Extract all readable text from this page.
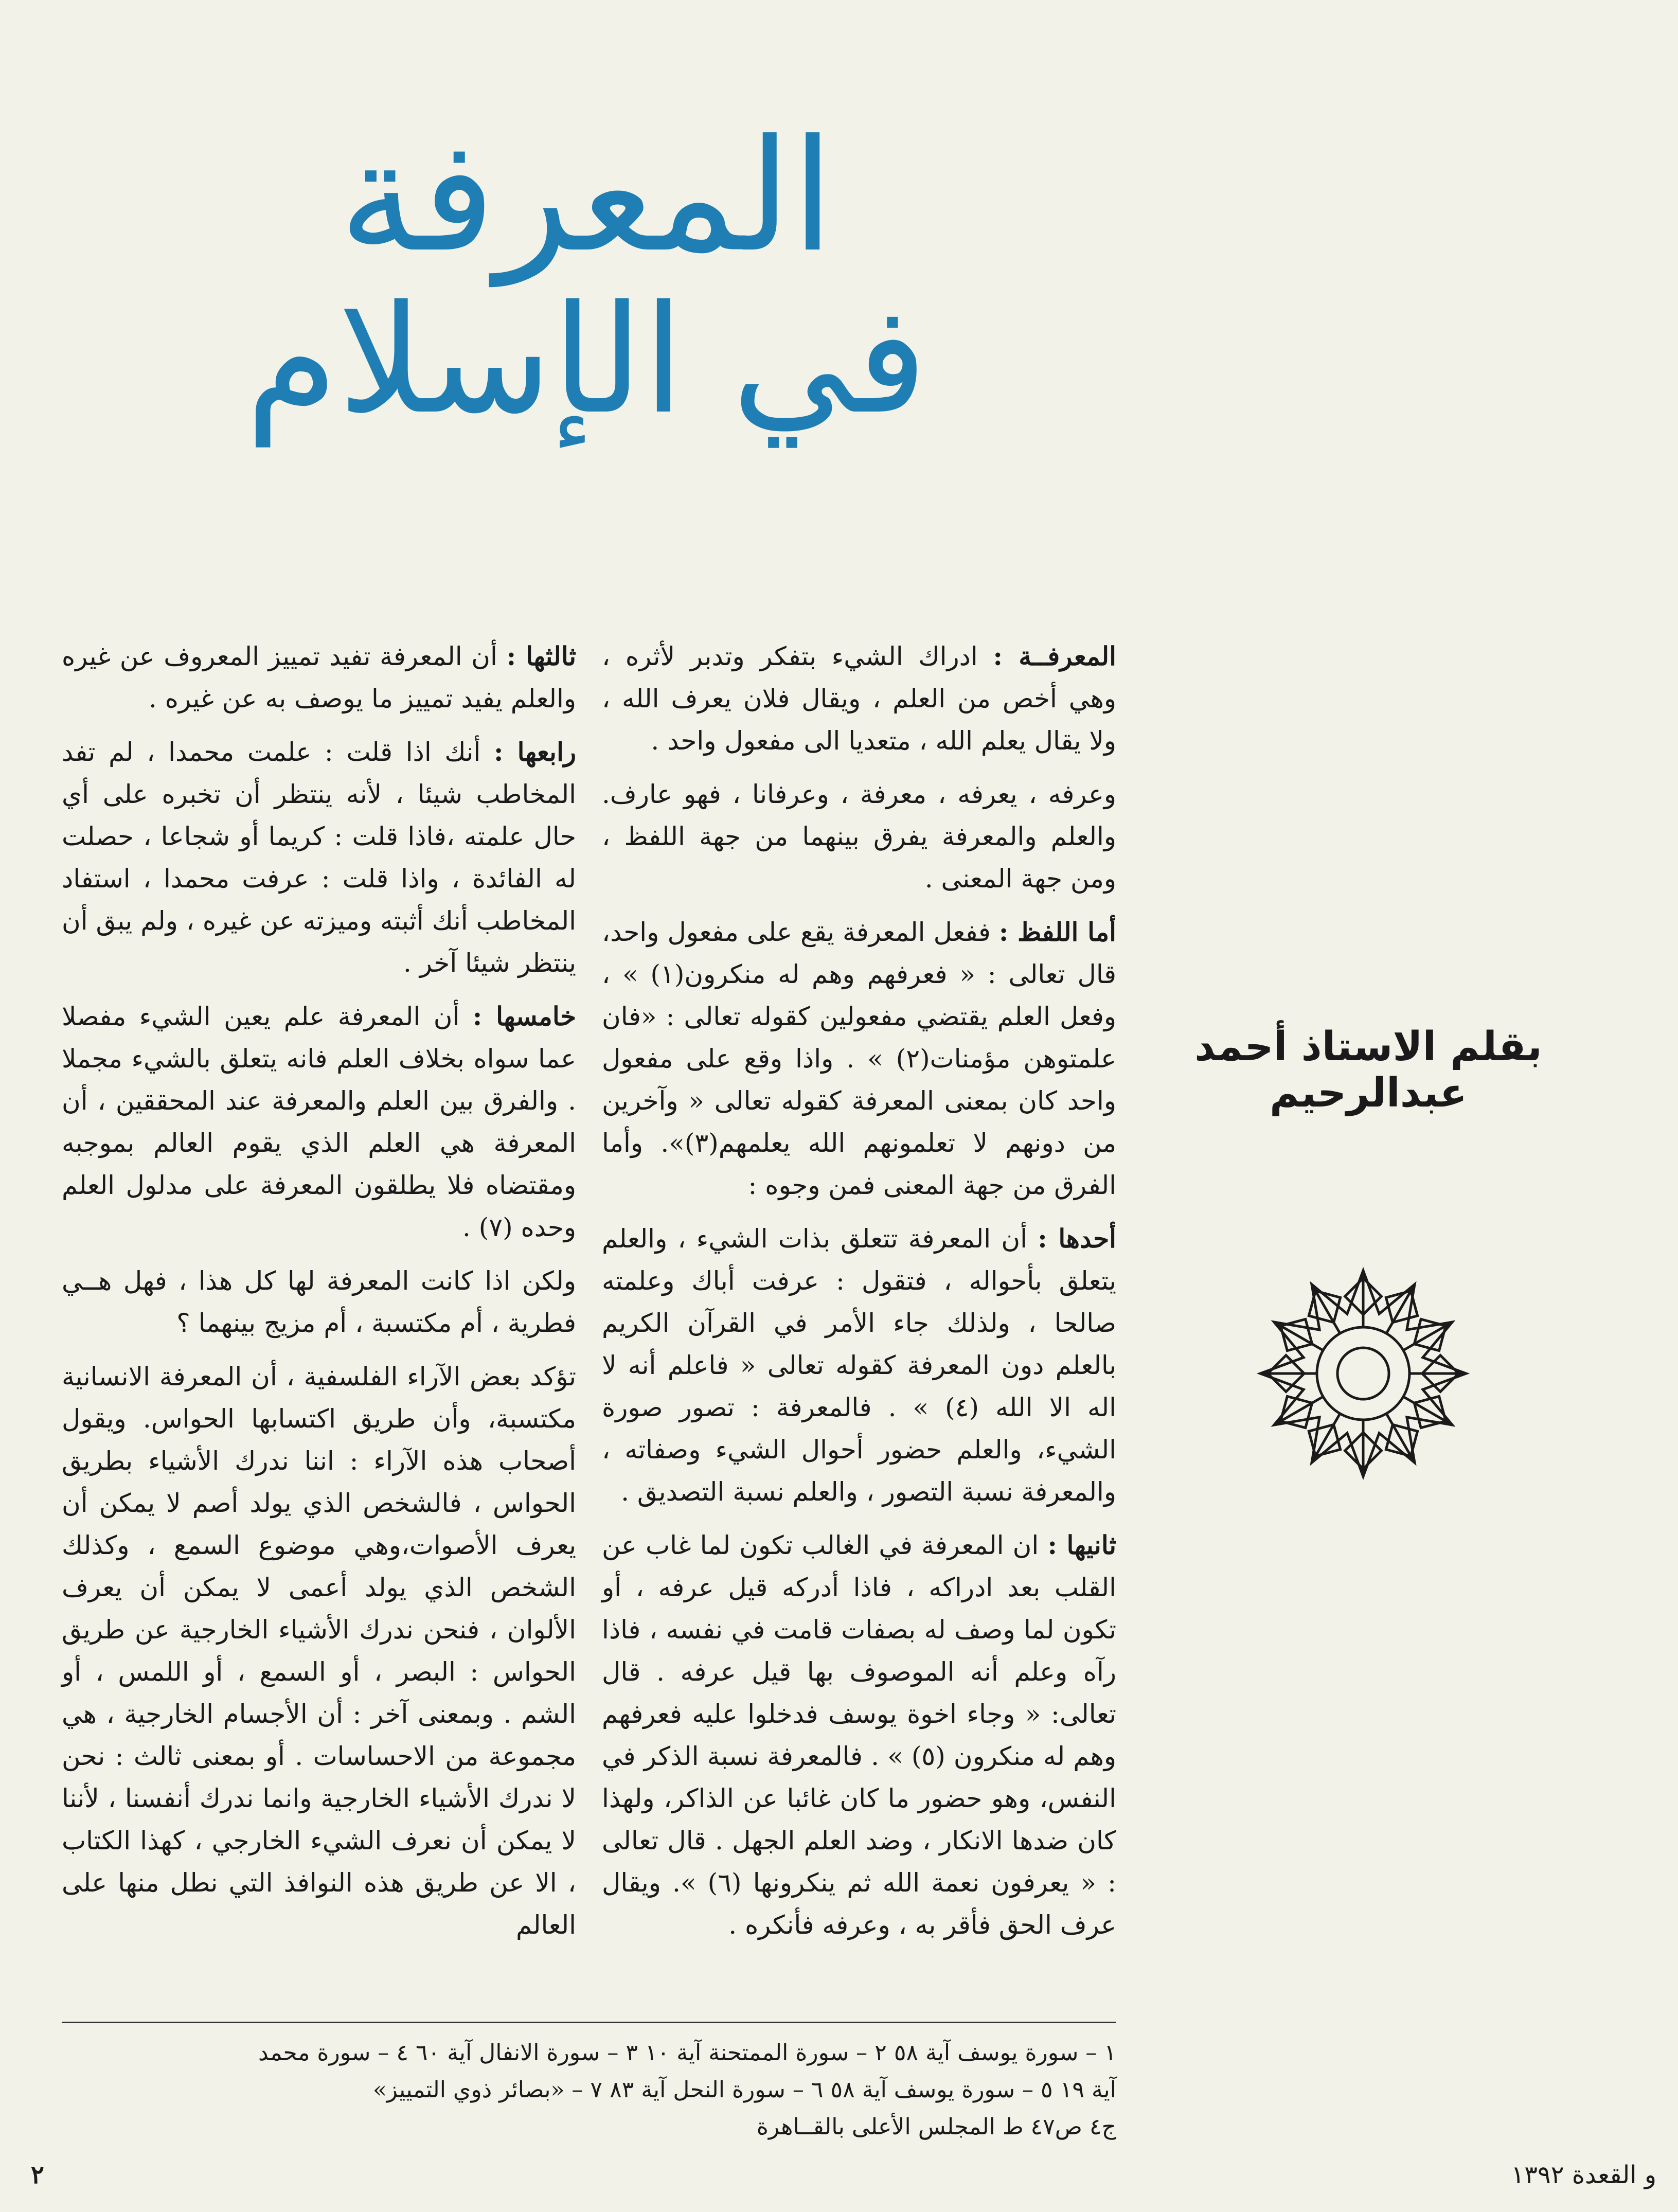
المعرفة
في الإسلام
بقلم الاستاذ أحمد عبدالرحيم

المعرفــة : ادراك الشيء بتفكر وتدبر لأثره ، وهي أخص من العلم ، ويقال فلان يعرف الله ، ولا يقال يعلم الله ، متعديا الى مفعول واحد .

وعرفه ، يعرفه ، معرفة ، وعرفانا ، فهو عارف. والعلم والمعرفة يفرق بينهما من جهة اللفظ ، ومن جهة المعنى .

أما اللفظ : ففعل المعرفة يقع على مفعول واحد، قال تعالى : « فعرفهم وهم له منكرون(١) » ، وفعل العلم يقتضي مفعولين كقوله تعالى : «فان علمتوهن مؤمنات(٢) » . واذا وقع على مفعول واحد كان بمعنى المعرفة كقوله تعالى « وآخرين من دونهم لا تعلمونهم الله يعلمهم(٣)». وأما الفرق من جهة المعنى فمن وجوه :

أحدها : أن المعرفة تتعلق بذات الشيء ، والعلم يتعلق بأحواله ، فتقول : عرفت أباك وعلمته صالحا ، ولذلك جاء الأمر في القرآن الكريم بالعلم دون المعرفة كقوله تعالى « فاعلم أنه لا اله الا الله (٤) » . فالمعرفة : تصور صورة الشيء، والعلم حضور أحوال الشيء وصفاته ، والمعرفة نسبة التصور ، والعلم نسبة التصديق .

ثانيها : ان المعرفة في الغالب تكون لما غاب عن القلب بعد ادراكه ، فاذا أدركه قيل عرفه ، أو تكون لما وصف له بصفات قامت في نفسه ، فاذا رآه وعلم أنه الموصوف بها قيل عرفه . قال تعالى: « وجاء اخوة يوسف فدخلوا عليه فعرفهم وهم له منكرون (٥) » . فالمعرفة نسبة الذكر في النفس، وهو حضور ما كان غائبا عن الذاكر، ولهذا كان ضدها الانكار ، وضد العلم الجهل . قال تعالى : « يعرفون نعمة الله ثم ينكرونها (٦) ». ويقال عرف الحق فأقر به ، وعرفه فأنكره .

ثالثها : أن المعرفة تفيد تمييز المعروف عن غيره والعلم يفيد تمييز ما يوصف به عن غيره .

رابعها : أنك اذا قلت : علمت محمدا ، لم تفد المخاطب شيئا ، لأنه ينتظر أن تخبره على أي حال علمته ،فاذا قلت : كريما أو شجاعا ، حصلت له الفائدة ، واذا قلت : عرفت محمدا ، استفاد المخاطب أنك أثبته وميزته عن غيره ، ولم يبق أن ينتظر شيئا آخر .

خامسها : أن المعرفة علم يعين الشيء مفصلا عما سواه بخلاف العلم فانه يتعلق بالشيء مجملا . والفرق بين العلم والمعرفة عند المحققين ، أن المعرفة هي العلم الذي يقوم العالم بموجبه ومقتضاه فلا يطلقون المعرفة على مدلول العلم وحده (٧) .

ولكن اذا كانت المعرفة لها كل هذا ، فهل هــي فطرية ، أم مكتسبة ، أم مزيج بينهما ؟

تؤكد بعض الآراء الفلسفية ، أن المعرفة الانسانية مكتسبة، وأن طريق اكتسابها الحواس. ويقول أصحاب هذه الآراء : اننا ندرك الأشياء بطريق الحواس ، فالشخص الذي يولد أصم لا يمكن أن يعرف الأصوات،وهي موضوع السمع ، وكذلك الشخص الذي يولد أعمى لا يمكن أن يعرف الألوان ، فنحن ندرك الأشياء الخارجية عن طريق الحواس : البصر ، أو السمع ، أو اللمس ، أو الشم . وبمعنى آخر : أن الأجسام الخارجية ، هي مجموعة من الاحساسات . أو بمعنى ثالث : نحن لا ندرك الأشياء الخارجية وانما ندرك أنفسنا ، لأننا لا يمكن أن نعرف الشيء الخارجي ، كهذا الكتاب ، الا عن طريق هذه النوافذ التي نطل منها على العالم

١ – سورة يوسف آية ٥٨ ٢ – سورة الممتحنة آية ١٠ ٣ – سورة الانفال آية ٦٠ ٤ – سورة محمد
آية ١٩ ٥ – سورة يوسف آية ٥٨ ٦ – سورة النحل آية ٨٣ ٧ – «بصائر ذوي التمييز»
ج٤ ص٤٧ ط المجلس الأعلى بالقــاهرة
و القعدة ١٣٩٢
٢
